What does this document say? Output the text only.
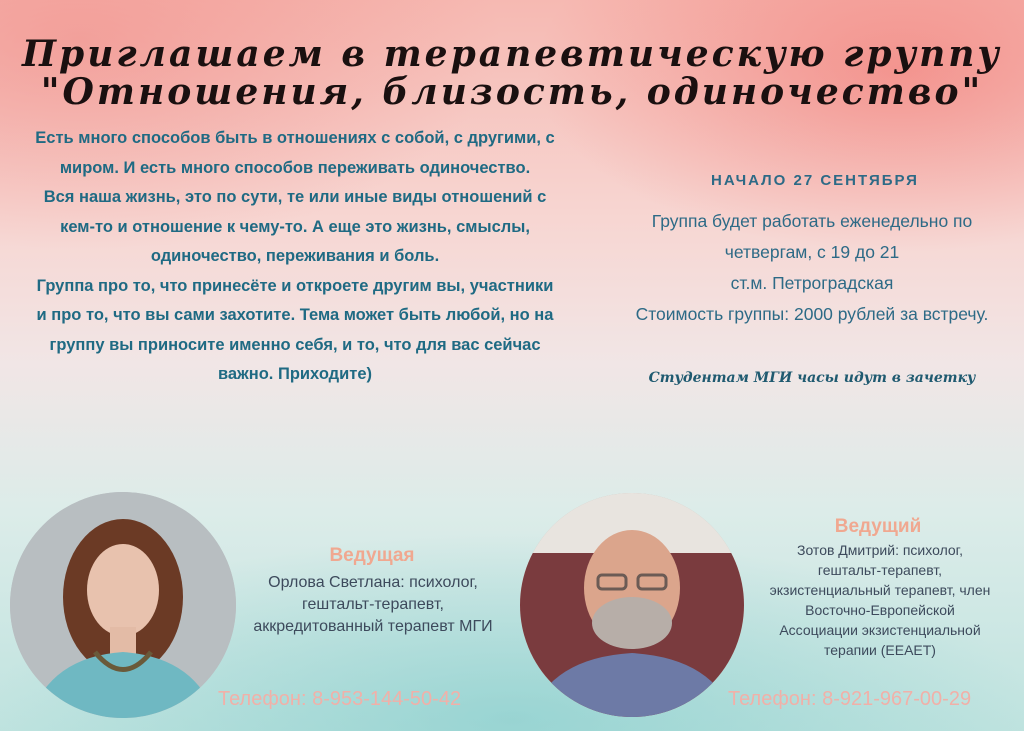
Приглашаем в терапевтическую группу
"Отношения, близость, одиночество"

Есть много способов быть в отношениях с собой, с другими, с миром. И есть много способов переживать одиночество.

Вся наша жизнь, это по сути, те или иные виды отношений с кем-то и отношение к чему-то. А еще это жизнь, смыслы, одиночество, переживания и боль.

Группа про то, что принесёте и откроете другим вы, участники

и про то, что вы сами захотите. Тема может быть любой, но на группу вы приносите именно себя, и то, что для вас сейчас важно. Приходите)

НАЧАЛО 27 СЕНТЯБРЯ

Группа будет работать еженедельно по четвергам, с 19 до 21

ст.м. Петроградская

Стоимость группы: 2000 рублей за встречу.

Студентам МГИ часы идут в зачетку
Ведущая
Орлова Светлана: психолог, гештальт-терапевт, аккредитованный терапевт МГИ
Телефон: 8-953-144-50-42
Ведущий
Зотов Дмитрий: психолог, гештальт-терапевт, экзистенциальный терапевт, член Восточно-Европейской Ассоциации экзистенциальной терапии (EEAET)
Телефон: 8-921-967-00-29
